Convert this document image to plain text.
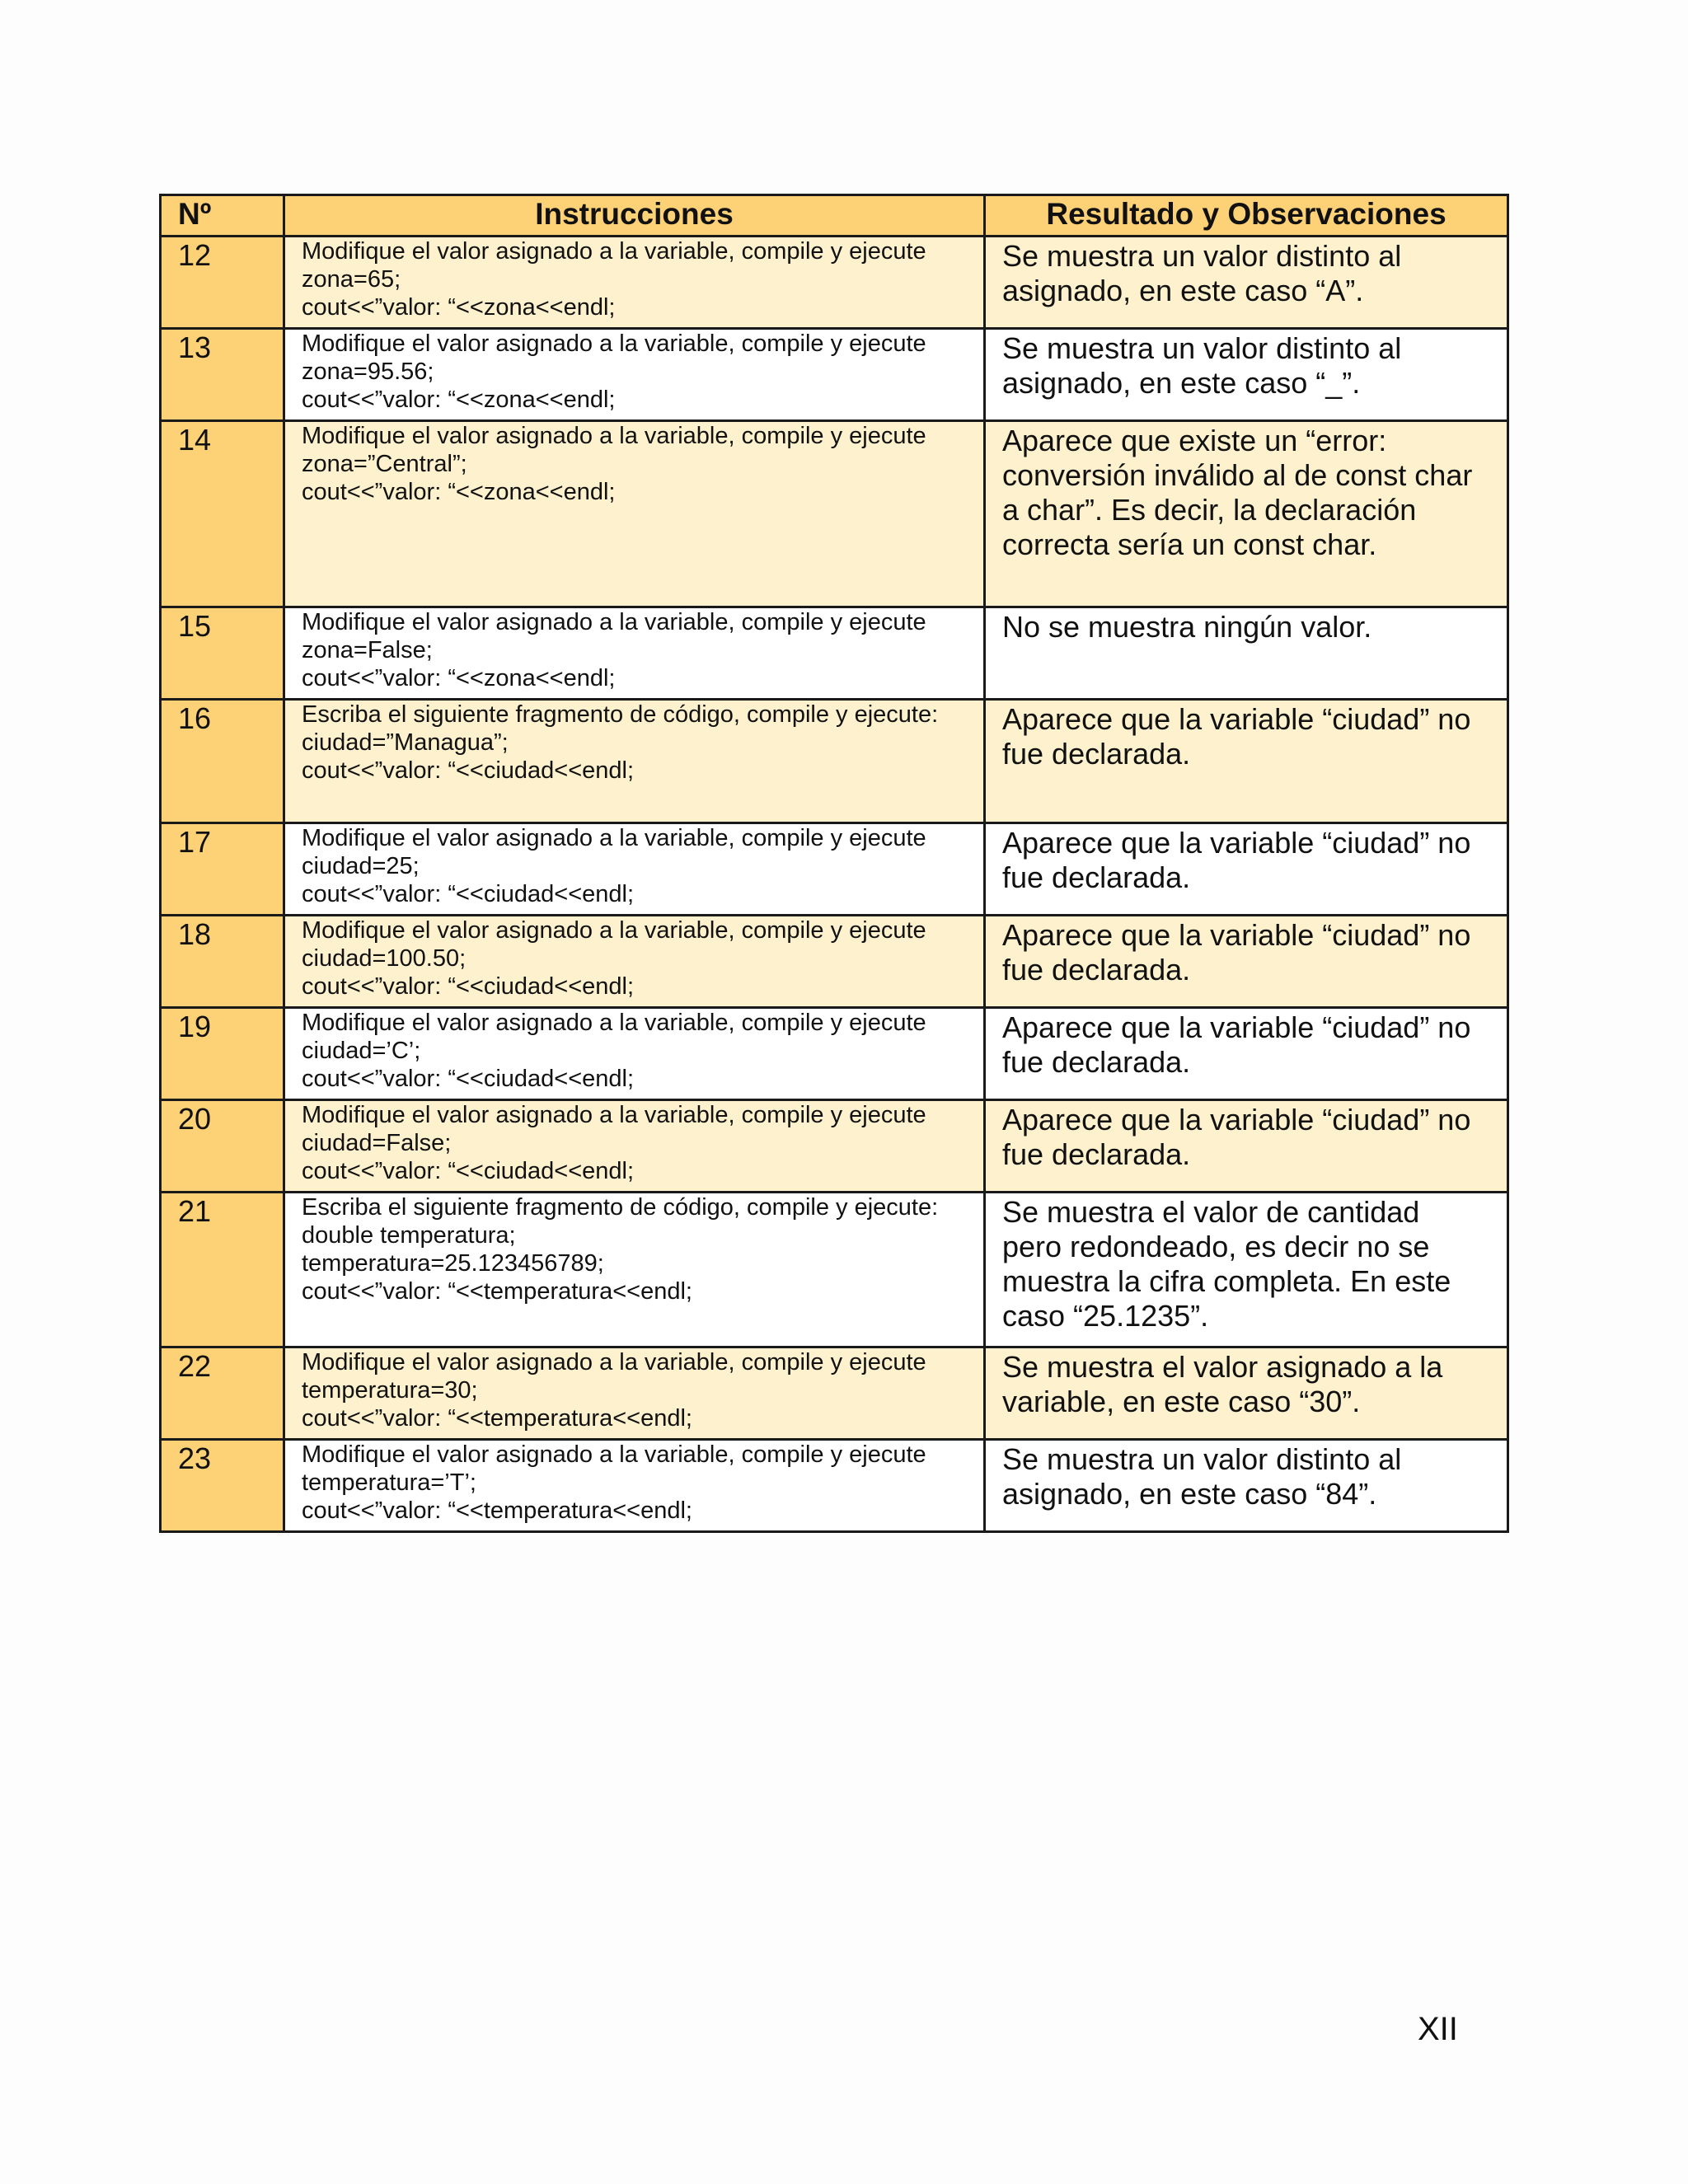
Nº	Instrucciones	Resultado y Observaciones
12	Modifique el valor asignado a la variable, compile y ejecute
zona=65;
cout<<”valor: “<<zona<<endl;	Se muestra un valor distinto al
asignado, en este caso “A”.

13	Modifique el valor asignado a la variable, compile y ejecute
zona=95.56;
cout<<”valor: “<<zona<<endl;	Se muestra un valor distinto al
asignado, en este caso “_”.

14	Modifique el valor asignado a la variable, compile y ejecute
zona=”Central”;
cout<<”valor: “<<zona<<endl;	Aparece que existe un “error:
conversión inválido al de const char
a char”. Es decir, la declaración
correcta sería un const char.

15	Modifique el valor asignado a la variable, compile y ejecute
zona=False;
cout<<”valor: “<<zona<<endl;	No se muestra ningún valor.

16	Escriba el siguiente fragmento de código, compile y ejecute:
ciudad=”Managua”;
cout<<”valor: “<<ciudad<<endl;	Aparece que la variable “ciudad” no
fue declarada.

17	Modifique el valor asignado a la variable, compile y ejecute
ciudad=25;
cout<<”valor: “<<ciudad<<endl;	Aparece que la variable “ciudad” no
fue declarada.

18	Modifique el valor asignado a la variable, compile y ejecute
ciudad=100.50;
cout<<”valor: “<<ciudad<<endl;	Aparece que la variable “ciudad” no
fue declarada.

19	Modifique el valor asignado a la variable, compile y ejecute
ciudad=’C’;
cout<<”valor: “<<ciudad<<endl;	Aparece que la variable “ciudad” no
fue declarada.

20	Modifique el valor asignado a la variable, compile y ejecute
ciudad=False;
cout<<”valor: “<<ciudad<<endl;	Aparece que la variable “ciudad” no
fue declarada.

21	Escriba el siguiente fragmento de código, compile y ejecute:
double temperatura;
temperatura=25.123456789;
cout<<”valor: “<<temperatura<<endl;	Se muestra el valor de cantidad
pero redondeado, es decir no se
muestra la cifra completa. En este
caso “25.1235”.

22	Modifique el valor asignado a la variable, compile y ejecute
temperatura=30;
cout<<”valor: “<<temperatura<<endl;	Se muestra el valor asignado a la
variable, en este caso “30”.

23	Modifique el valor asignado a la variable, compile y ejecute
temperatura=’T’;
cout<<”valor: “<<temperatura<<endl;	Se muestra un valor distinto al
asignado, en este caso “84”.
XII
